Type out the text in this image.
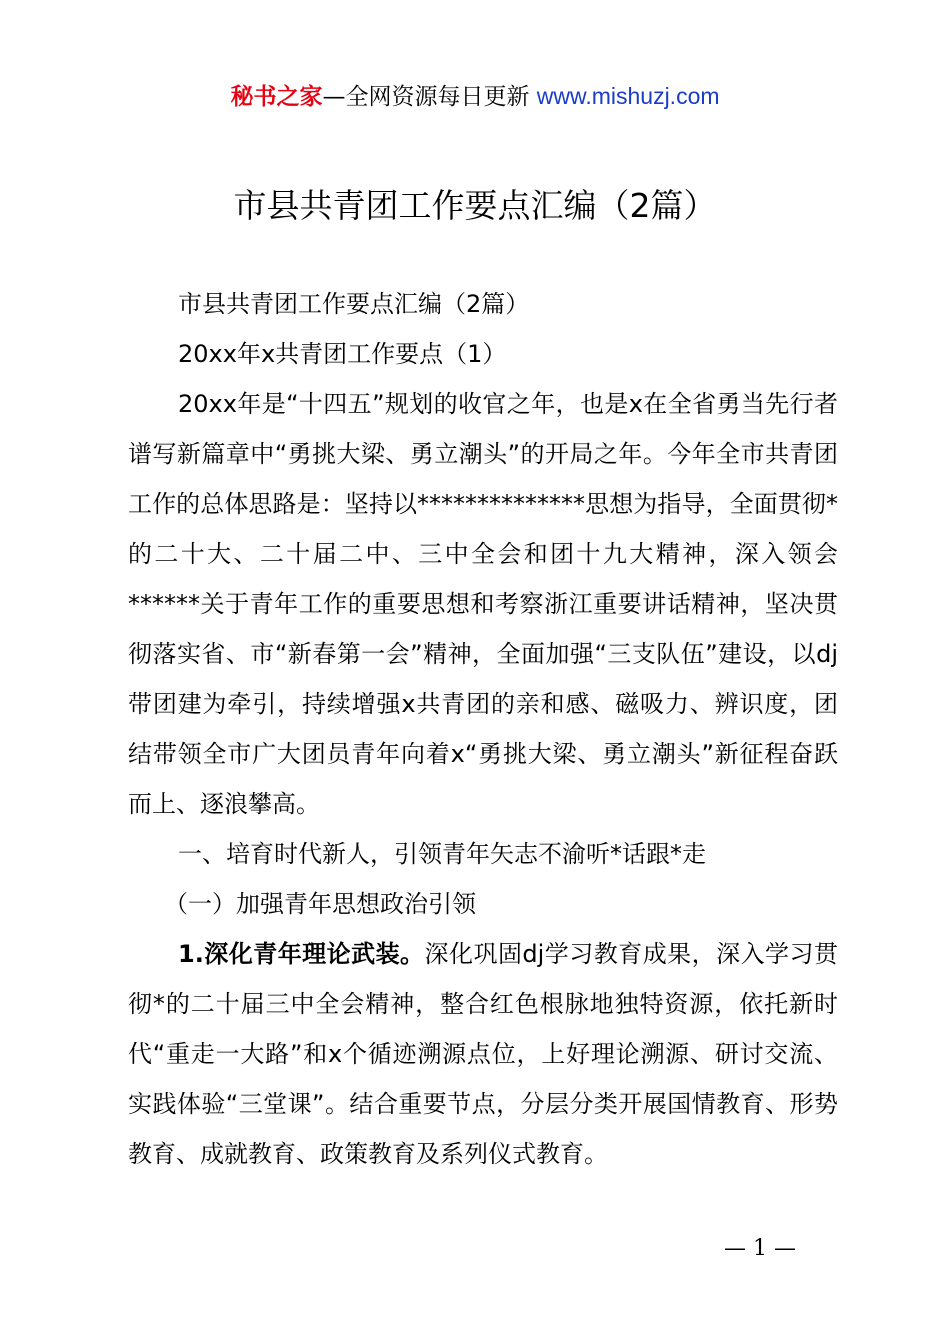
秘书之家—全网资源每日更新 www.mishuzj.com
市县共青团工作要点汇编（2篇）
市县共青团工作要点汇编（2篇）
20xx年x共青团工作要点（1）

20xx年是“十四五”规划的收官之年，也是x在全省勇当先行者谱写新篇章中“勇挑大梁、勇立潮头”的开局之年。今年全市共青团工作的总体思路是：坚持以**************思想为指导，全面贯彻*的二十大、二十届二中、三中全会和团十九大精神，深入领会******关于青年工作的重要思想和考察浙江重要讲话精神，坚决贯彻落实省、市“新春第一会”精神，全面加强“三支队伍”建设，以dj带团建为牵引，持续增强x共青团的亲和感、磁吸力、辨识度，团结带领全市广大团员青年向着x“勇挑大梁、勇立潮头”新征程奋跃而上、逐浪攀高。

一、培育时代新人，引领青年矢志不渝听*话跟*走
（一）加强青年思想政治引领

1.深化青年理论武装。深化巩固dj学习教育成果，深入学习贯彻*的二十届三中全会精神，整合红色根脉地独特资源，依托新时代“重走一大路”和x个循迹溯源点位，上好理论溯源、研讨交流、实践体验“三堂课”。结合重要节点，分层分类开展国情教育、形势教育、成就教育、政策教育及系列仪式教育。

— 1 —
